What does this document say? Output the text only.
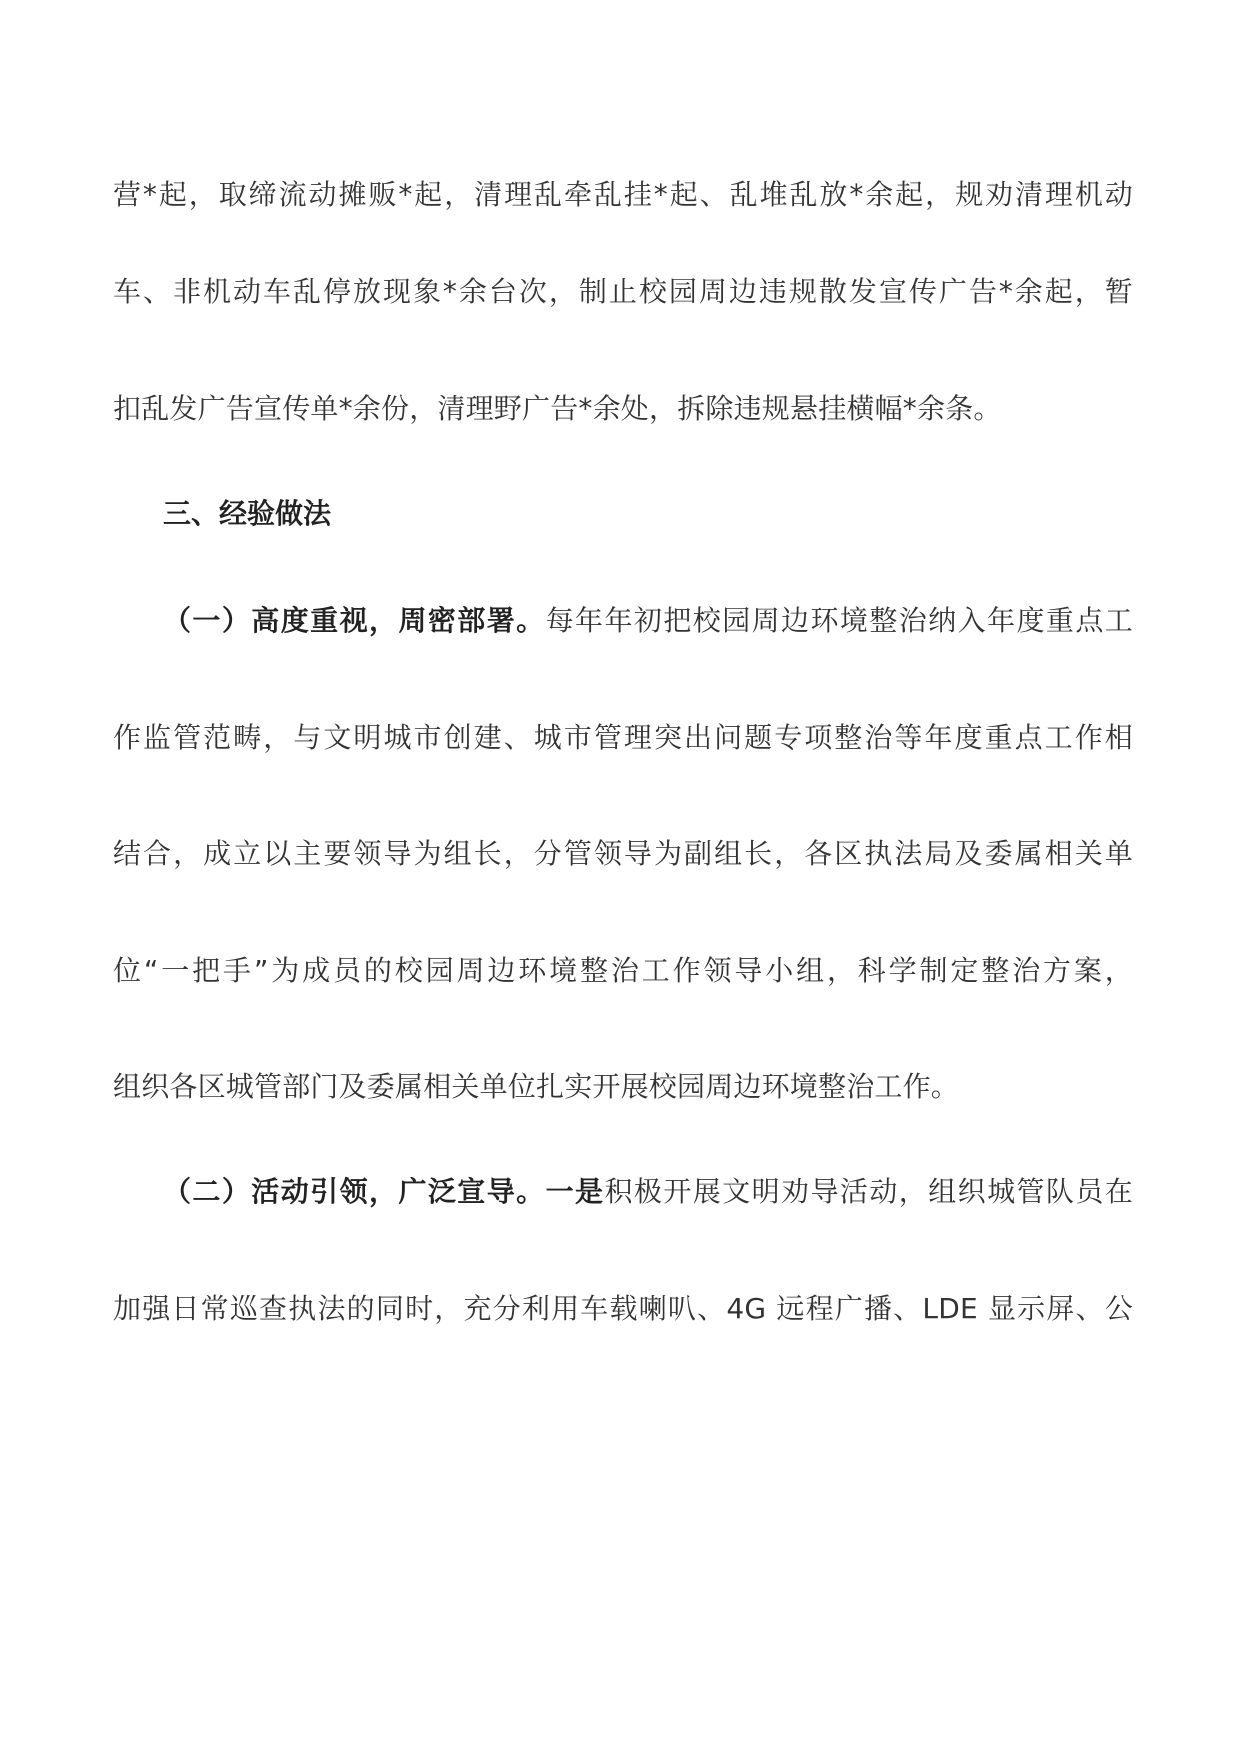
营*起，取缔流动摊贩*起，清理乱牵乱挂*起、乱堆乱放*余起，规劝清理机动
车、非机动车乱停放现象*余台次，制止校园周边违规散发宣传广告*余起，暂
扣乱发广告宣传单*余份，清理野广告*余处，拆除违规悬挂横幅*余条。
三、经验做法
（一）高度重视，周密部署。每年年初把校园周边环境整治纳入年度重点工
作监管范畴，与文明城市创建、城市管理突出问题专项整治等年度重点工作相
结合，成立以主要领导为组长，分管领导为副组长，各区执法局及委属相关单
位“一把手”为成员的校园周边环境整治工作领导小组，科学制定整治方案，
组织各区城管部门及委属相关单位扎实开展校园周边环境整治工作。
（二）活动引领，广泛宣导。一是积极开展文明劝导活动，组织城管队员在
加强日常巡查执法的同时，充分利用车载喇叭、4G 远程广播、LDE 显示屏、公
